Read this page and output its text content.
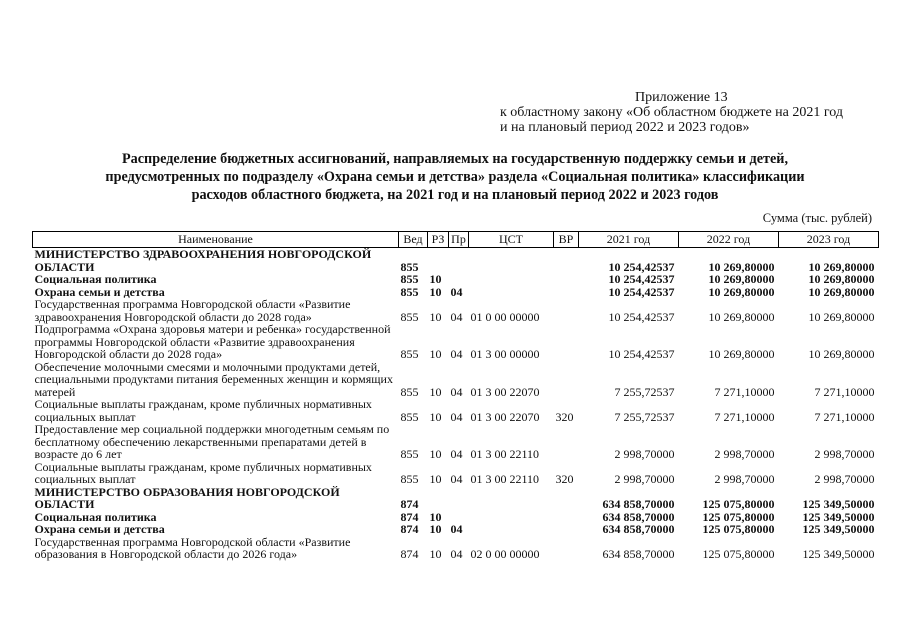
Приложение 13
к областному закону «Об областном бюджете на 2021 год
и на плановый период 2022 и 2023 годов»
Распределение бюджетных ассигнований, направляемых на государственную поддержку семьи и детей,
предусмотренных по подразделу «Охрана семьи и детства» раздела «Социальная политика» классификации
расходов областного бюджета, на 2021 год и на плановый период 2022 и 2023 годов
Сумма (тыс. рублей)
Наименование	Вед	РЗ	Пр	ЦСТ	ВР	2021 год	2022 год	2023 год
МИНИСТЕРСТВО ЗДРАВООХРАНЕНИЯ НОВГОРОДСКОЙ ОБЛАСТИ	855					10 254,42537	10 269,80000	10 269,80000
Социальная политика	855	10				10 254,42537	10 269,80000	10 269,80000
Охрана семьи и детства	855	10	04			10 254,42537	10 269,80000	10 269,80000
Государственная программа Новгородской области «Развитие здравоохранения Новгородской области до 2028 года»	855	10	04	01 0 00 00000		10 254,42537	10 269,80000	10 269,80000
Подпрограмма «Охрана здоровья матери и ребенка» государственной программы Новгородской области «Развитие здравоохранения Новгородской области до 2028 года»	855	10	04	01 3 00 00000		10 254,42537	10 269,80000	10 269,80000
Обеспечение молочными смесями и молочными продуктами детей, специальными продуктами питания беременных женщин и кормящих матерей	855	10	04	01 3 00 22070		7 255,72537	7 271,10000	7 271,10000
Социальные выплаты гражданам, кроме публичных нормативных социальных выплат	855	10	04	01 3 00 22070	320	7 255,72537	7 271,10000	7 271,10000
Предоставление мер социальной поддержки многодетным семьям по бесплатному обеспечению лекарственными препаратами детей в возрасте до 6 лет	855	10	04	01 3 00 22110		2 998,70000	2 998,70000	2 998,70000
Социальные выплаты гражданам, кроме публичных нормативных социальных выплат	855	10	04	01 3 00 22110	320	2 998,70000	2 998,70000	2 998,70000
МИНИСТЕРСТВО ОБРАЗОВАНИЯ НОВГОРОДСКОЙ ОБЛАСТИ	874					634 858,70000	125 075,80000	125 349,50000
Социальная политика	874	10				634 858,70000	125 075,80000	125 349,50000
Охрана семьи и детства	874	10	04			634 858,70000	125 075,80000	125 349,50000
Государственная программа Новгородской области «Развитие образования в Новгородской области до 2026 года»	874	10	04	02 0 00 00000		634 858,70000	125 075,80000	125 349,50000
